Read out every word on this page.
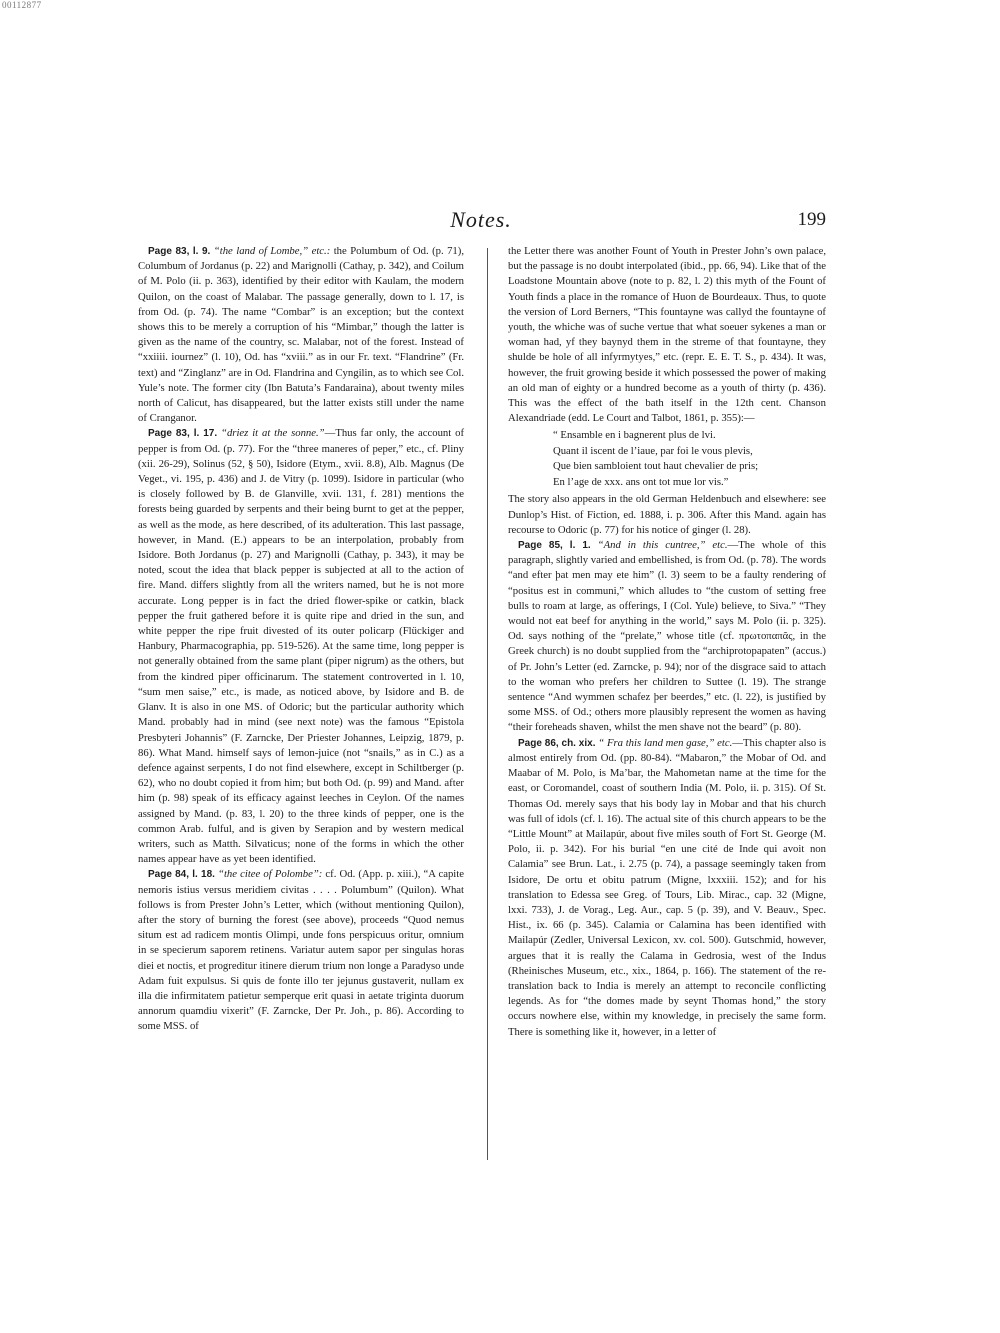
00112877
Notes.	199

Page 83, l. 9. “the land of Lombe,” etc.: the Polumbum of Od. (p. 71), Columbum of Jordanus (p. 22) and Marignolli (Cathay, p. 342), and Coilum of M. Polo (ii. p. 363), identified by their editor with Kaulam, the modern Quilon, on the coast of Malabar. The passage generally, down to l. 17, is from Od. (p. 74). The name “Combar” is an exception; but the context shows this to be merely a corruption of his “Mimbar,” though the latter is given as the name of the country, sc. Malabar, not of the forest. Instead of “xxiiii. iournez” (l. 10), Od. has “xviii.” as in our Fr. text. “Flandrine” (Fr. text) and “Zinglanz” are in Od. Flandrina and Cyngilin, as to which see Col. Yule’s note. The former city (Ibn Batuta’s Fandaraina), about twenty miles north of Calicut, has disappeared, but the latter exists still under the name of Cranganor.

Page 83, l. 17. “driez it at the sonne.”—Thus far only, the account of pepper is from Od. (p. 77). For the “three maneres of peper,” etc., cf. Pliny (xii. 26-29), Solinus (52, § 50), Isidore (Etym., xvii. 8.8), Alb. Magnus (De Veget., vi. 195, p. 436) and J. de Vitry (p. 1099). Isidore in particular (who is closely followed by B. de Glanville, xvii. 131, f. 281) mentions the forests being guarded by serpents and their being burnt to get at the pepper, as well as the mode, as here described, of its adulteration. This last passage, however, in Mand. (E.) appears to be an interpolation, probably from Isidore. Both Jordanus (p. 27) and Marignolli (Cathay, p. 343), it may be noted, scout the idea that black pepper is subjected at all to the action of fire. Mand. differs slightly from all the writers named, but he is not more accurate. Long pepper is in fact the dried flower-spike or catkin, black pepper the fruit gathered before it is quite ripe and dried in the sun, and white pepper the ripe fruit divested of its outer policarp (Flückiger and Hanbury, Pharmacographia, pp. 519-526). At the same time, long pepper is not generally obtained from the same plant (piper nigrum) as the others, but from the kindred piper officinarum. The statement controverted in l. 10, “sum men saise,” etc., is made, as noticed above, by Isidore and B. de Glanv. It is also in one MS. of Odoric; but the particular authority which Mand. probably had in mind (see next note) was the famous “Epistola Presbyteri Johannis” (F. Zarncke, Der Priester Johannes, Leipzig, 1879, p. 86). What Mand. himself says of lemon-juice (not “snails,” as in C.) as a defence against serpents, I do not find elsewhere, except in Schiltberger (p. 62), who no doubt copied it from him; but both Od. (p. 99) and Mand. after him (p. 98) speak of its efficacy against leeches in Ceylon. Of the names assigned by Mand. (p. 83, l. 20) to the three kinds of pepper, one is the common Arab. fulful, and is given by Serapion and by western medical writers, such as Matth. Silvaticus; none of the forms in which the other names appear have as yet been identified.

Page 84, l. 18. “the citee of Polombe”: cf. Od. (App. p. xiii.), “A capite nemoris istius versus meridiem civitas . . . . Polumbum” (Quilon). What follows is from Prester John’s Letter, which (without mentioning Quilon), after the story of burning the forest (see above), proceeds “Quod nemus situm est ad radicem montis Olimpi, unde fons perspicuus oritur, omnium in se specierum saporem retinens. Variatur autem sapor per singulas horas diei et noctis, et progreditur itinere dierum trium non longe a Paradyso unde Adam fuit expulsus. Si quis de fonte illo ter jejunus gustaverit, nullam ex illa die infirmitatem patietur semperque erit quasi in aetate triginta duorum annorum quamdiu vixerit” (F. Zarncke, Der Pr. Joh., p. 86). According to some MSS. of

the Letter there was another Fount of Youth in Prester John’s own palace, but the passage is no doubt interpolated (ibid., pp. 66, 94). Like that of the Loadstone Mountain above (note to p. 82, l. 2) this myth of the Fount of Youth finds a place in the romance of Huon de Bourdeaux. Thus, to quote the version of Lord Berners, “This fountayne was callyd the fountayne of youth, the whiche was of suche vertue that what soeuer sykenes a man or woman had, yf they baynyd them in the streme of that fountayne, they shulde be hole of all infyrmytyes,” etc. (repr. E. E. T. S., p. 434). It was, however, the fruit growing beside it which possessed the power of making an old man of eighty or a hundred become as a youth of thirty (p. 436). This was the effect of the bath itself in the 12th cent. Chanson Alexandriade (edd. Le Court and Talbot, 1861, p. 355):—

“ Ensamble en i bagnerent plus de lvi.
Quant il iscent de l’iaue, par foi le vous plevis,
Que bien sambloient tout haut chevalier de pris;
En l’age de xxx. ans ont tot mue lor vis.”

The story also appears in the old German Heldenbuch and elsewhere: see Dunlop’s Hist. of Fiction, ed. 1888, i. p. 306. After this Mand. again has recourse to Odoric (p. 77) for his notice of ginger (l. 28).

Page 85, l. 1. “And in this cuntree,” etc.—The whole of this paragraph, slightly varied and embellished, is from Od. (p. 78). The words “and efter þat men may ete him” (l. 3) seem to be a faulty rendering of “positus est in communi,” which alludes to “the custom of setting free bulls to roam at large, as offerings, I (Col. Yule) believe, to Siva.” “They would not eat beef for anything in the world,” says M. Polo (ii. p. 325). Od. says nothing of the “prelate,” whose title (cf. πρωτοπαπᾶς, in the Greek church) is no doubt supplied from the “archiprotopapaten” (accus.) of Pr. John’s Letter (ed. Zarncke, p. 94); nor of the disgrace said to attach to the woman who prefers her children to Suttee (l. 19). The strange sentence “And wymmen schafez þer beerdes,” etc. (l. 22), is justified by some MSS. of Od.; others more plausibly represent the women as having “their foreheads shaven, whilst the men shave not the beard” (p. 80).

Page 86, ch. xix. “ Fra this land men gase,” etc.—This chapter also is almost entirely from Od. (pp. 80-84). “Mabaron,” the Mobar of Od. and Maabar of M. Polo, is Ma’bar, the Mahometan name at the time for the east, or Coromandel, coast of southern India (M. Polo, ii. p. 315). Of St. Thomas Od. merely says that his body lay in Mobar and that his church was full of idols (cf. l. 16). The actual site of this church appears to be the “Little Mount” at Mailapúr, about five miles south of Fort St. George (M. Polo, ii. p. 342). For his burial “en une cité de Inde qui avoit non Calamia” see Brun. Lat., i. 2.75 (p. 74), a passage seemingly taken from Isidore, De ortu et obitu patrum (Migne, lxxxiii. 152); and for his translation to Edessa see Greg. of Tours, Lib. Mirac., cap. 32 (Migne, lxxi. 733), J. de Vorag., Leg. Aur., cap. 5 (p. 39), and V. Beauv., Spec. Hist., ix. 66 (p. 345). Calamia or Calamina has been identified with Mailapúr (Zedler, Universal Lexicon, xv. col. 500). Gutschmid, however, argues that it is really the Calama in Gedrosia, west of the Indus (Rheinisches Museum, etc., xix., 1864, p. 166). The statement of the re-translation back to India is merely an attempt to reconcile conflicting legends. As for “the domes made by seynt Thomas hond,” the story occurs nowhere else, within my knowledge, in precisely the same form. There is something like it, however, in a letter of
